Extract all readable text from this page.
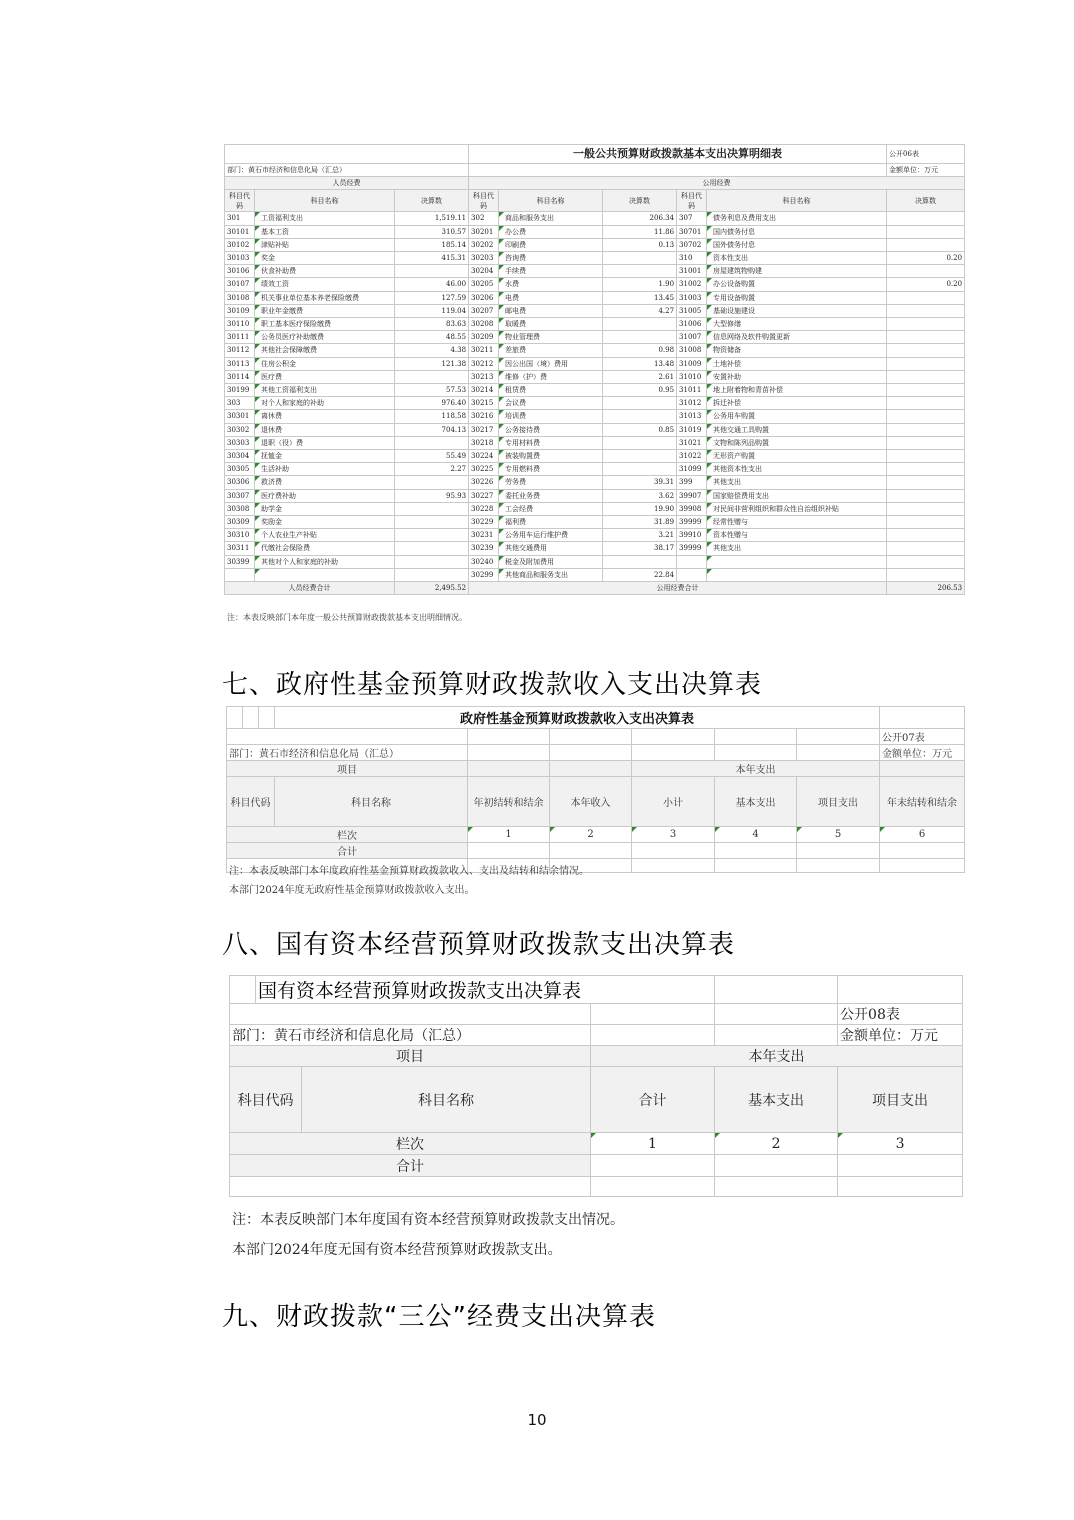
			一般公共预算财政拨款基本支出决算明细表					公开06表
部门：黄石市经济和信息化局（汇总）								金额单位：万元
人员经费			公用经费					
科目代码	科目名称	决算数	科目代码	科目名称	决算数	科目代码	科目名称	决算数
301	工资福利支出	1,519.11	302	商品和服务支出	206.34	307	债务利息及费用支出	
30101	基本工资	310.57	30201	办公费	11.86	30701	国内债务付息	
30102	津贴补贴	185.14	30202	印刷费	0.13	30702	国外债务付息	
30103	奖金	415.31	30203	咨询费		310	资本性支出	0.20
30106	伙食补助费		30204	手续费		31001	房屋建筑物购建	
30107	绩效工资	46.00	30205	水费	1.90	31002	办公设备购置	0.20
30108	机关事业单位基本养老保险缴费	127.59	30206	电费	13.45	31003	专用设备购置	
30109	职业年金缴费	119.04	30207	邮电费	4.27	31005	基础设施建设	
30110	职工基本医疗保险缴费	83.63	30208	取暖费		31006	大型修缮	
30111	公务员医疗补助缴费	48.55	30209	物业管理费		31007	信息网络及软件购置更新	
30112	其他社会保障缴费	4.38	30211	差旅费	0.98	31008	物资储备	
30113	住房公积金	121.38	30212	因公出国（境）费用	13.48	31009	土地补偿	
30114	医疗费		30213	维修（护）费	2.61	31010	安置补助	
30199	其他工资福利支出	57.53	30214	租赁费	0.95	31011	地上附着物和青苗补偿	
303	对个人和家庭的补助	976.40	30215	会议费		31012	拆迁补偿	
30301	离休费	118.58	30216	培训费		31013	公务用车购置	
30302	退休费	704.13	30217	公务接待费	0.85	31019	其他交通工具购置	
30303	退职（役）费		30218	专用材料费		31021	文物和陈列品购置	
30304	抚恤金	55.49	30224	被装购置费		31022	无形资产购置	
30305	生活补助	2.27	30225	专用燃料费		31099	其他资本性支出	
30306	救济费		30226	劳务费	39.31	399	其他支出	
30307	医疗费补助	95.93	30227	委托业务费	3.62	39907	国家赔偿费用支出	
30308	助学金		30228	工会经费	19.90	39908	对民间非营利组织和群众性自治组织补贴	
30309	奖励金		30229	福利费	31.89	39999	经常性赠与	
30310	个人农业生产补贴		30231	公务用车运行维护费	3.21	39910	资本性赠与	
30311	代缴社会保险费		30239	其他交通费用	38.17	39999	其他支出	
30399	其他对个人和家庭的补助		30240	税金及附加费用				
			30299	其他商品和服务支出	22.84			
人员经费合计		2,495.52	公用经费合计					206.53
注：本表反映部门本年度一般公共预算财政拨款基本支出明细情况。
七、政府性基金预算财政拨款收入支出决算表
			政府性基金预算财政拨款收入支出决算表						
									公开07表
部门：黄石市经济和信息化局（汇总）									金额单位：万元
项目						本年支出			
科目代码			科目名称	年初结转和结余	本年收入	小计	基本支出	项目支出	年末结转和结余
栏次				1	2	3	4	5	6
合计									

注：本表反映部门本年度政府性基金预算财政拨款收入、支出及结转和结余情况。
本部门2024年度无政府性基金预算财政拨款收入支出。
八、国有资本经营预算财政拨款支出决算表
	国有资本经营预算财政拨款支出决算表				
					公开08表
部门：黄石市经济和信息化局（汇总）					金额单位：万元
项目			本年支出		
科目代码		科目名称	合计	基本支出	项目支出
栏次			1	2	3
合计					

注：本表反映部门本年度国有资本经营预算财政拨款支出情况。
本部门2024年度无国有资本经营预算财政拨款支出。
九、财政拨款“三公”经费支出决算表
10
